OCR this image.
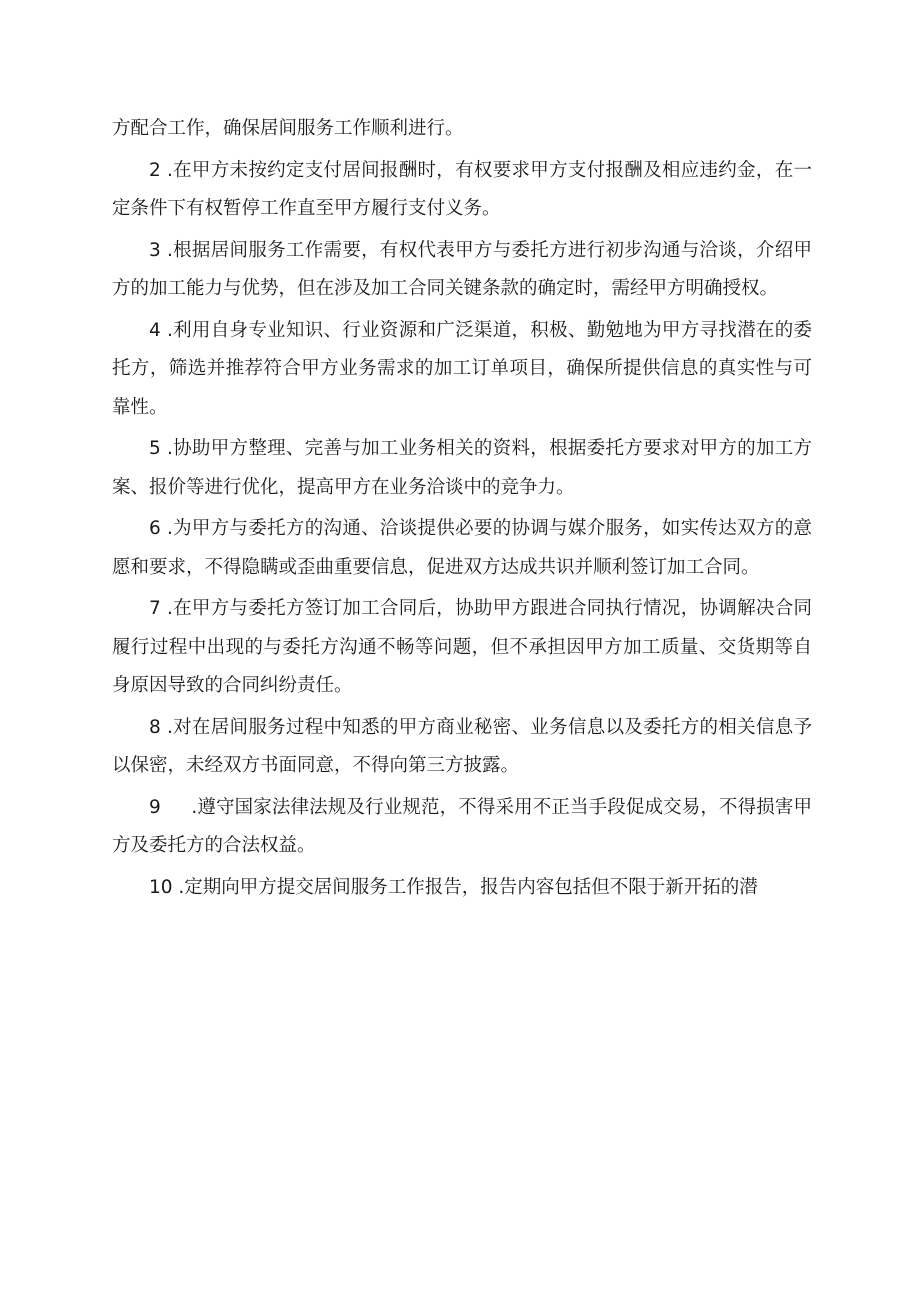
方配合工作，确保居间服务工作顺利进行。

2 .在甲方未按约定支付居间报酬时，有权要求甲方支付报酬及相应违约金，在一定条件下有权暂停工作直至甲方履行支付义务。

3 .根据居间服务工作需要，有权代表甲方与委托方进行初步沟通与洽谈，介绍甲方的加工能力与优势，但在涉及加工合同关键条款的确定时，需经甲方明确授权。

4 .利用自身专业知识、行业资源和广泛渠道，积极、勤勉地为甲方寻找潜在的委托方，筛选并推荐符合甲方业务需求的加工订单项目，确保所提供信息的真实性与可靠性。

5 .协助甲方整理、完善与加工业务相关的资料，根据委托方要求对甲方的加工方案、报价等进行优化，提高甲方在业务洽谈中的竞争力。

6 .为甲方与委托方的沟通、洽谈提供必要的协调与媒介服务，如实传达双方的意愿和要求，不得隐瞒或歪曲重要信息，促进双方达成共识并顺利签订加工合同。

7 .在甲方与委托方签订加工合同后，协助甲方跟进合同执行情况，协调解决合同履行过程中出现的与委托方沟通不畅等问题，但不承担因甲方加工质量、交货期等自身原因导致的合同纠纷责任。

8 .对在居间服务过程中知悉的甲方商业秘密、业务信息以及委托方的相关信息予以保密，未经双方书面同意，不得向第三方披露。

9 　 .遵守国家法律法规及行业规范，不得采用不正当手段促成交易，不得损害甲方及委托方的合法权益。

10 .定期向甲方提交居间服务工作报告，报告内容包括但不限于新开拓的潜
